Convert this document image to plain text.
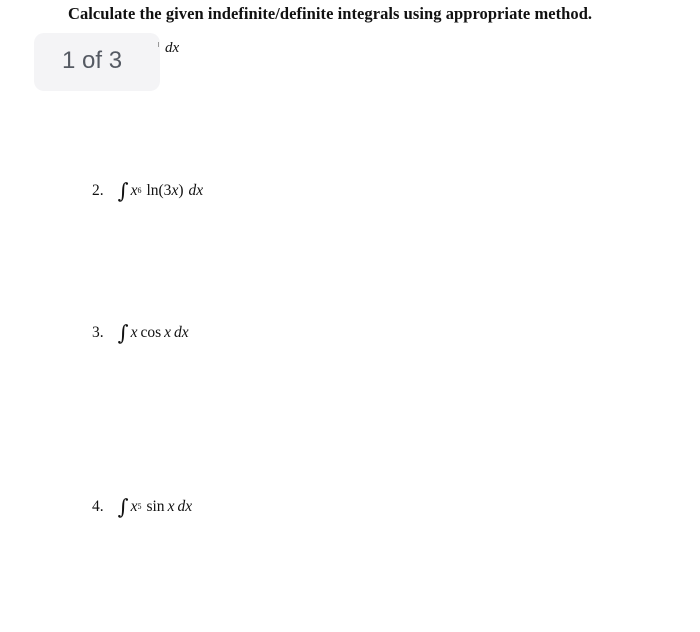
Calculate the given indefinite/definite integrals using appropriate method.
1 of 3	dx
2. ∫ x 6 ln(3 x ) dx
3. ∫ x cos x dx
4. ∫ x 5 sin x dx
